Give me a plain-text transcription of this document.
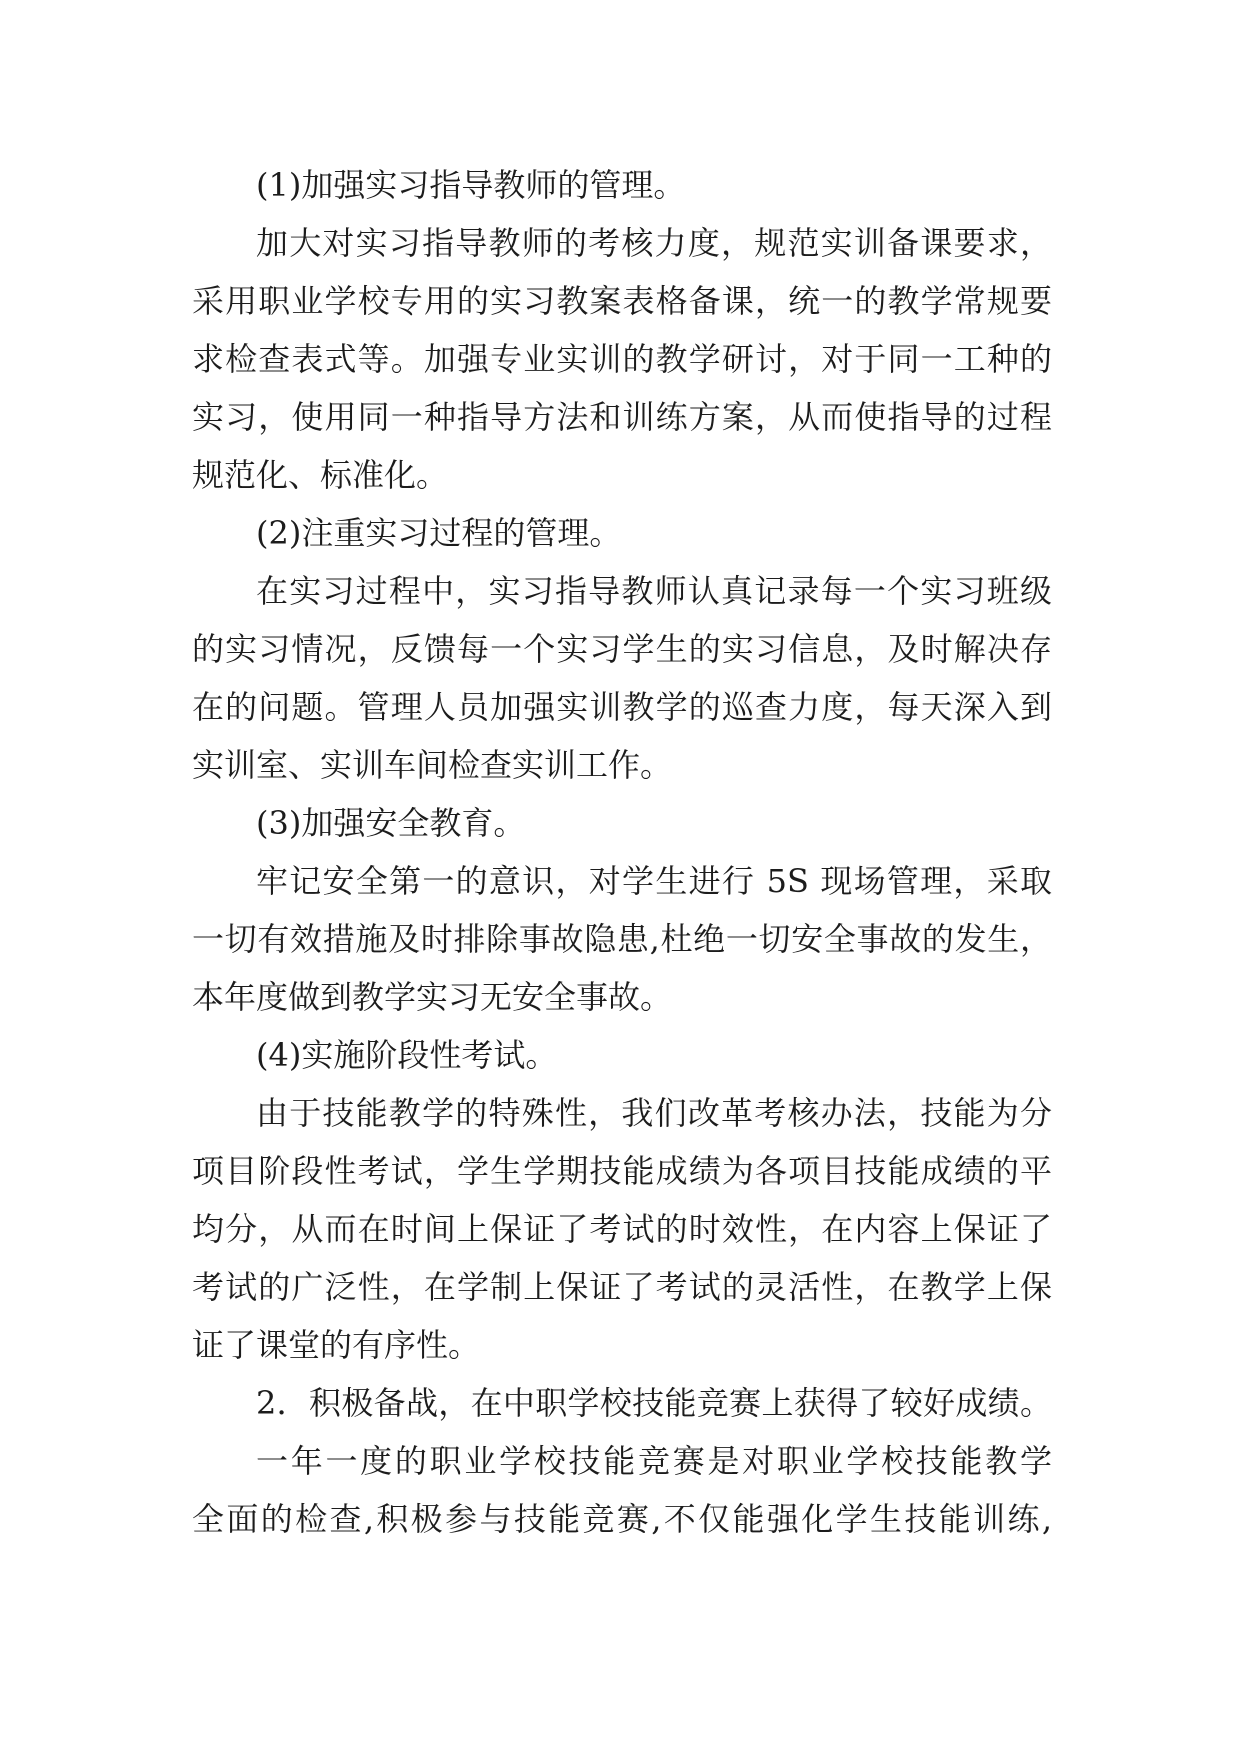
(1)加强实习指导教师的管理。
加大对实习指导教师的考核力度，规范实训备课要求，
采用职业学校专用的实习教案表格备课，统一的教学常规要
求检查表式等。加强专业实训的教学研讨，对于同一工种的
实习，使用同一种指导方法和训练方案，从而使指导的过程
规范化、标准化。
(2)注重实习过程的管理。
在实习过程中，实习指导教师认真记录每一个实习班级
的实习情况，反馈每一个实习学生的实习信息，及时解决存
在的问题。管理人员加强实训教学的巡查力度，每天深入到
实训室、实训车间检查实训工作。
(3)加强安全教育。
牢记安全第一的意识，对学生进行 5S 现场管理，采取
一切有效措施及时排除事故隐患,杜绝一切安全事故的发生，
本年度做到教学实习无安全事故。
(4)实施阶段性考试。
由于技能教学的特殊性，我们改革考核办法，技能为分
项目阶段性考试，学生学期技能成绩为各项目技能成绩的平
均分，从而在时间上保证了考试的时效性，在内容上保证了
考试的广泛性，在学制上保证了考试的灵活性，在教学上保
证了课堂的有序性。
2．积极备战，在中职学校技能竞赛上获得了较好成绩。
一年一度的职业学校技能竞赛是对职业学校技能教学
全面的检查,积极参与技能竞赛,不仅能强化学生技能训练,
